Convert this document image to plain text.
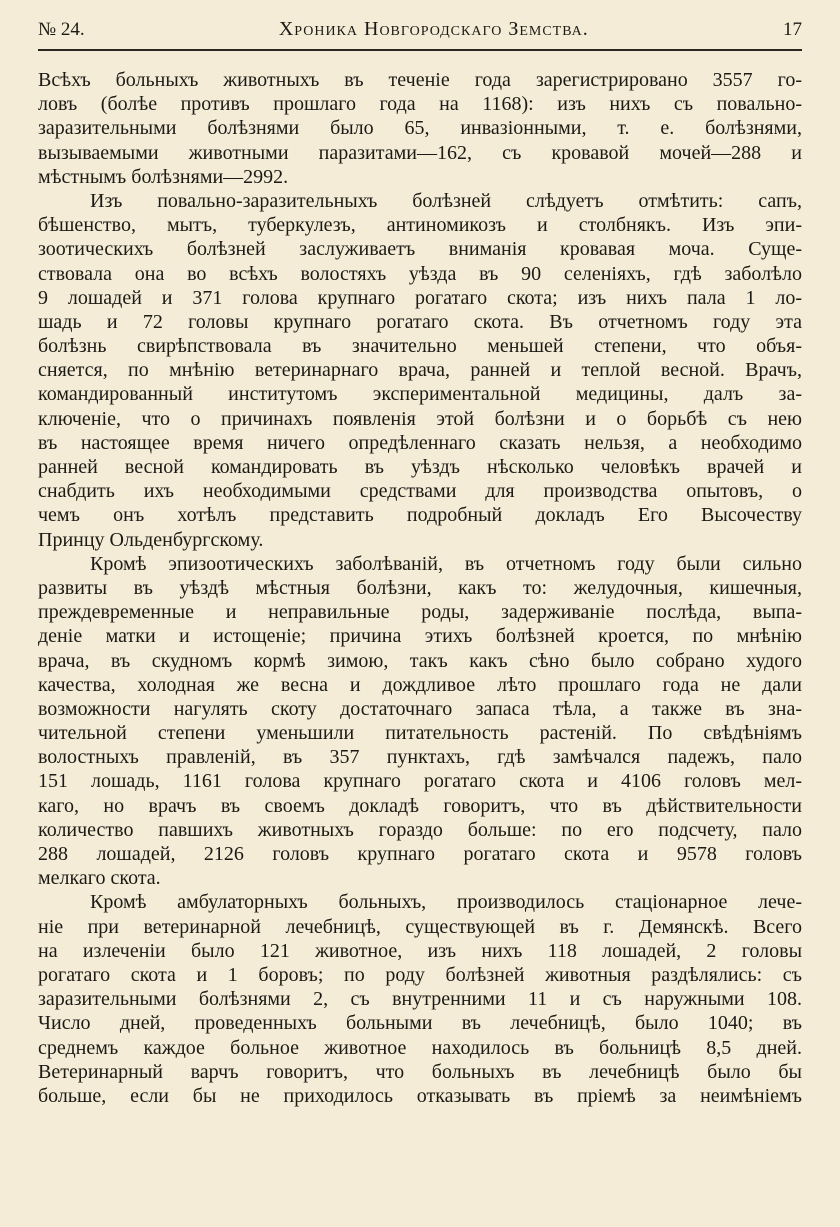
№ 24.	Хроника Новгородскаго Земства.	17
Всѣхъ больныхъ животныхъ въ теченіе года зарегистрировано 3557 го-
ловъ (болѣе противъ прошлаго года на 1168): изъ нихъ съ повально-
заразительными болѣзнями было 65, инвазіонными, т. е. болѣзнями,
вызываемыми животными паразитами—162, съ кровавой мочей—288 и
мѣстнымъ болѣзнями—2992.
Изъ повально-заразительныхъ болѣзней слѣдуетъ отмѣтить: сапъ,
бѣшенство, мытъ, туберкулезъ, антиномикозъ и столбнякъ. Изъ эпи-
зоотическихъ болѣзней заслуживаетъ вниманія кровавая моча. Суще-
ствовала она во всѣхъ волостяхъ уѣзда въ 90 селеніяхъ, гдѣ заболѣло
9 лошадей и 371 голова крупнаго рогатаго скота; изъ нихъ пала 1 ло-
шадь и 72 головы крупнаго рогатаго скота. Въ отчетномъ году эта
болѣзнь свирѣпствовала въ значительно меньшей степени, что объя-
сняется, по мнѣнію ветеринарнаго врача, ранней и теплой весной. Врачъ,
командированный институтомъ экспериментальной медицины, далъ за-
ключеніе, что о причинахъ появленія этой болѣзни и о борьбѣ съ нею
въ настоящее время ничего опредѣленнаго сказать нельзя, а необходимо
ранней весной командировать въ уѣздъ нѣсколько человѣкъ врачей и
снабдить ихъ необходимыми средствами для производства опытовъ, о
чемъ онъ хотѣлъ представить подробный докладъ Его Высочеству
Принцу Ольденбургскому.
Кромѣ эпизоотическихъ заболѣваній, въ отчетномъ году были сильно
развиты въ уѣздѣ мѣстныя болѣзни, какъ то: желудочныя, кишечныя,
преждевременные и неправильные роды, задерживаніе послѣда, выпа-
деніе матки и истощеніе; причина этихъ болѣзней кроется, по мнѣнію
врача, въ скудномъ кормѣ зимою, такъ какъ сѣно было собрано худого
качества, холодная же весна и дождливое лѣто прошлаго года не дали
возможности нагулять скоту достаточнаго запаса тѣла, а также въ зна-
чительной степени уменьшили питательность растеній. По свѣдѣніямъ
волостныхъ правленій, въ 357 пунктахъ, гдѣ замѣчался падежъ, пало
151 лошадь, 1161 голова крупнаго рогатаго скота и 4106 головъ мел-
каго, но врачъ въ своемъ докладѣ говоритъ, что въ дѣйствительности
количество павшихъ животныхъ гораздо больше: по его подсчету, пало
288 лошадей, 2126 головъ крупнаго рогатаго скота и 9578 головъ
мелкаго скота.
Кромѣ амбулаторныхъ больныхъ, производилось стаціонарное лече-
ніе при ветеринарной лечебницѣ, существующей въ г. Демянскѣ. Всего
на излеченіи было 121 животное, изъ нихъ 118 лошадей, 2 головы
рогатаго скота и 1 боровъ; по роду болѣзней животныя раздѣлялись: съ
заразительными болѣзнями 2, съ внутренними 11 и съ наружными 108.
Число дней, проведенныхъ больными въ лечебницѣ, было 1040; въ
среднемъ каждое больное животное находилось въ больницѣ 8,5 дней.
Ветеринарный варчъ говоритъ, что больныхъ въ лечебницѣ было бы
больше, если бы не приходилось отказывать въ пріемѣ за неимѣніемъ
